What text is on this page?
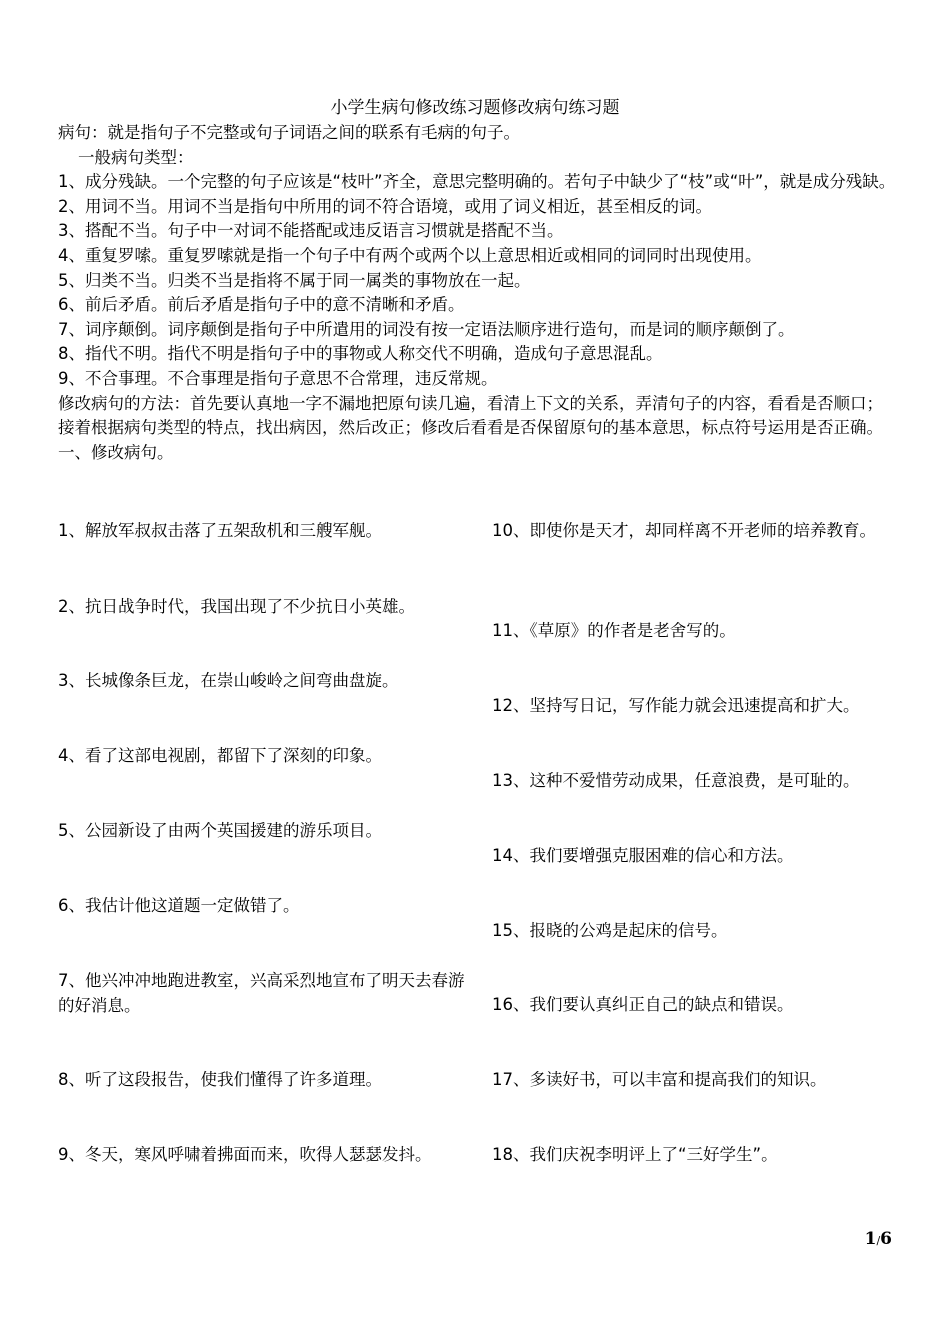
小学生病句修改练习题修改病句练习题

病句：就是指句子不完整或句子词语之间的联系有毛病的句子。

一般病句类型：

1、成分残缺。一个完整的句子应该是“枝叶”齐全，意思完整明确的。若句子中缺少了“枝”或“叶”，就是成分残缺。

2、用词不当。用词不当是指句中所用的词不符合语境，或用了词义相近，甚至相反的词。

3、搭配不当。句子中一对词不能搭配或违反语言习惯就是搭配不当。

4、重复罗嗦。重复罗嗦就是指一个句子中有两个或两个以上意思相近或相同的词同时出现使用。

5、归类不当。归类不当是指将不属于同一属类的事物放在一起。

6、前后矛盾。前后矛盾是指句子中的意不清晰和矛盾。

7、词序颠倒。词序颠倒是指句子中所遣用的词没有按一定语法顺序进行造句，而是词的顺序颠倒了。

8、指代不明。指代不明是指句子中的事物或人称交代不明确，造成句子意思混乱。

9、不合事理。不合事理是指句子意思不合常理，违反常规。

修改病句的方法：首先要认真地一字不漏地把原句读几遍，看清上下文的关系，弄清句子的内容，看看是否顺口；接着根据病句类型的特点，找出病因，然后改正；修改后看看是否保留原句的基本意思，标点符号运用是否正确。

一、修改病句。

1、解放军叔叔击落了五架敌机和三艘军舰。

2、抗日战争时代，我国出现了不少抗日小英雄。

3、长城像条巨龙，在崇山峻岭之间弯曲盘旋。

4、看了这部电视剧，都留下了深刻的印象。

5、公园新设了由两个英国援建的游乐项目。

6、我估计他这道题一定做错了。

7、他兴冲冲地跑进教室，兴高采烈地宣布了明天去春游的好消息。

8、听了这段报告，使我们懂得了许多道理。

9、冬天，寒风呼啸着拂面而来，吹得人瑟瑟发抖。

10、即使你是天才，却同样离不开老师的培养教育。

11、《草原》的作者是老舍写的。

12、坚持写日记，写作能力就会迅速提高和扩大。

13、这种不爱惜劳动成果，任意浪费，是可耻的。

14、我们要增强克服困难的信心和方法。

15、报晓的公鸡是起床的信号。

16、我们要认真纠正自己的缺点和错误。

17、多读好书，可以丰富和提高我们的知识。

18、我们庆祝李明评上了“三好学生”。

1/6
